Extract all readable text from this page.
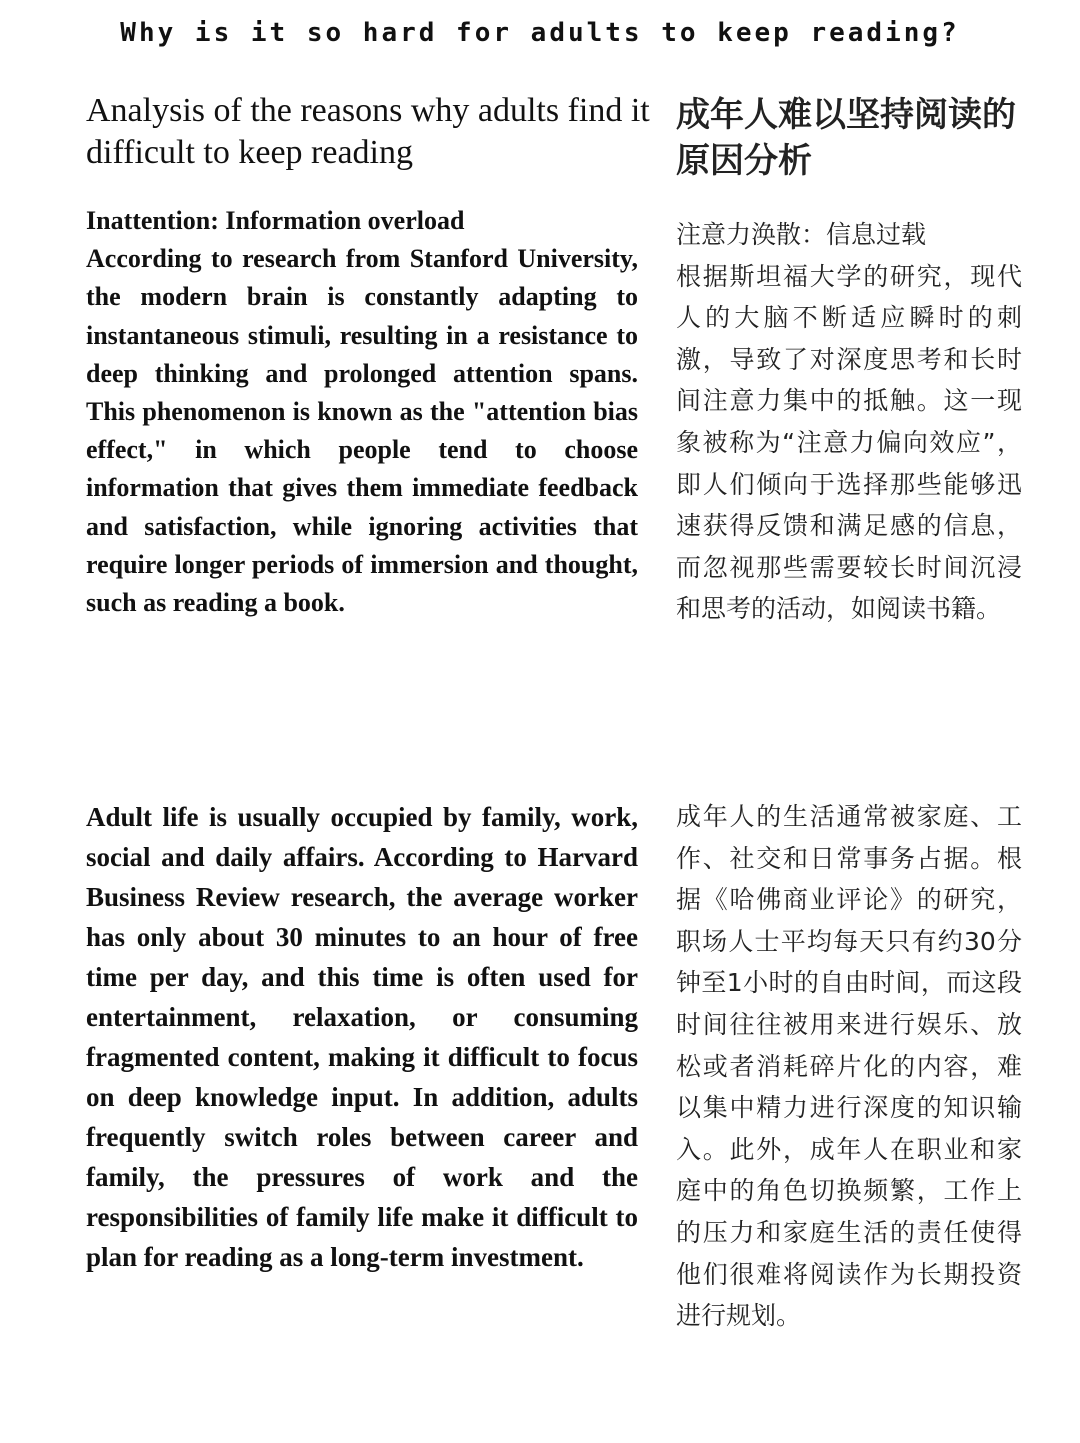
Why is it so hard for adults to keep reading?
Analysis of the reasons why adults find it difficult to keep reading
成年人难以坚持阅读的原因分析
Inattention: Information overload
According to research from Stanford University, the modern brain is constantly adapting to instantaneous stimuli, resulting in a resistance to deep thinking and prolonged attention spans. This phenomenon is known as the "attention bias effect," in which people tend to choose information that gives them immediate feedback and satisfaction, while ignoring activities that require longer periods of immersion and thought, such as reading a book.
注意力涣散：信息过载
根据斯坦福大学的研究，现代人的大脑不断适应瞬时的刺激，导致了对深度思考和长时间注意力集中的抵触。这一现象被称为“注意力偏向效应”，即人们倾向于选择那些能够迅速获得反馈和满足感的信息，而忽视那些需要较长时间沉浸和思考的活动，如阅读书籍。
Adult life is usually occupied by family, work, social and daily affairs. According to Harvard Business Review research, the average worker has only about 30 minutes to an hour of free time per day, and this time is often used for entertainment, relaxation, or consuming fragmented content, making it difficult to focus on deep knowledge input. In addition, adults frequently switch roles between career and family, the pressures of work and the responsibilities of family life make it difficult to plan for reading as a long-term investment.
成年人的生活通常被家庭、工作、社交和日常事务占据。根据《哈佛商业评论》的研究，职场人士平均每天只有约30分钟至1小时的自由时间，而这段时间往往被用来进行娱乐、放松或者消耗碎片化的内容，难以集中精力进行深度的知识输入。此外，成年人在职业和家庭中的角色切换频繁，工作上的压力和家庭生活的责任使得他们很难将阅读作为长期投资进行规划。
